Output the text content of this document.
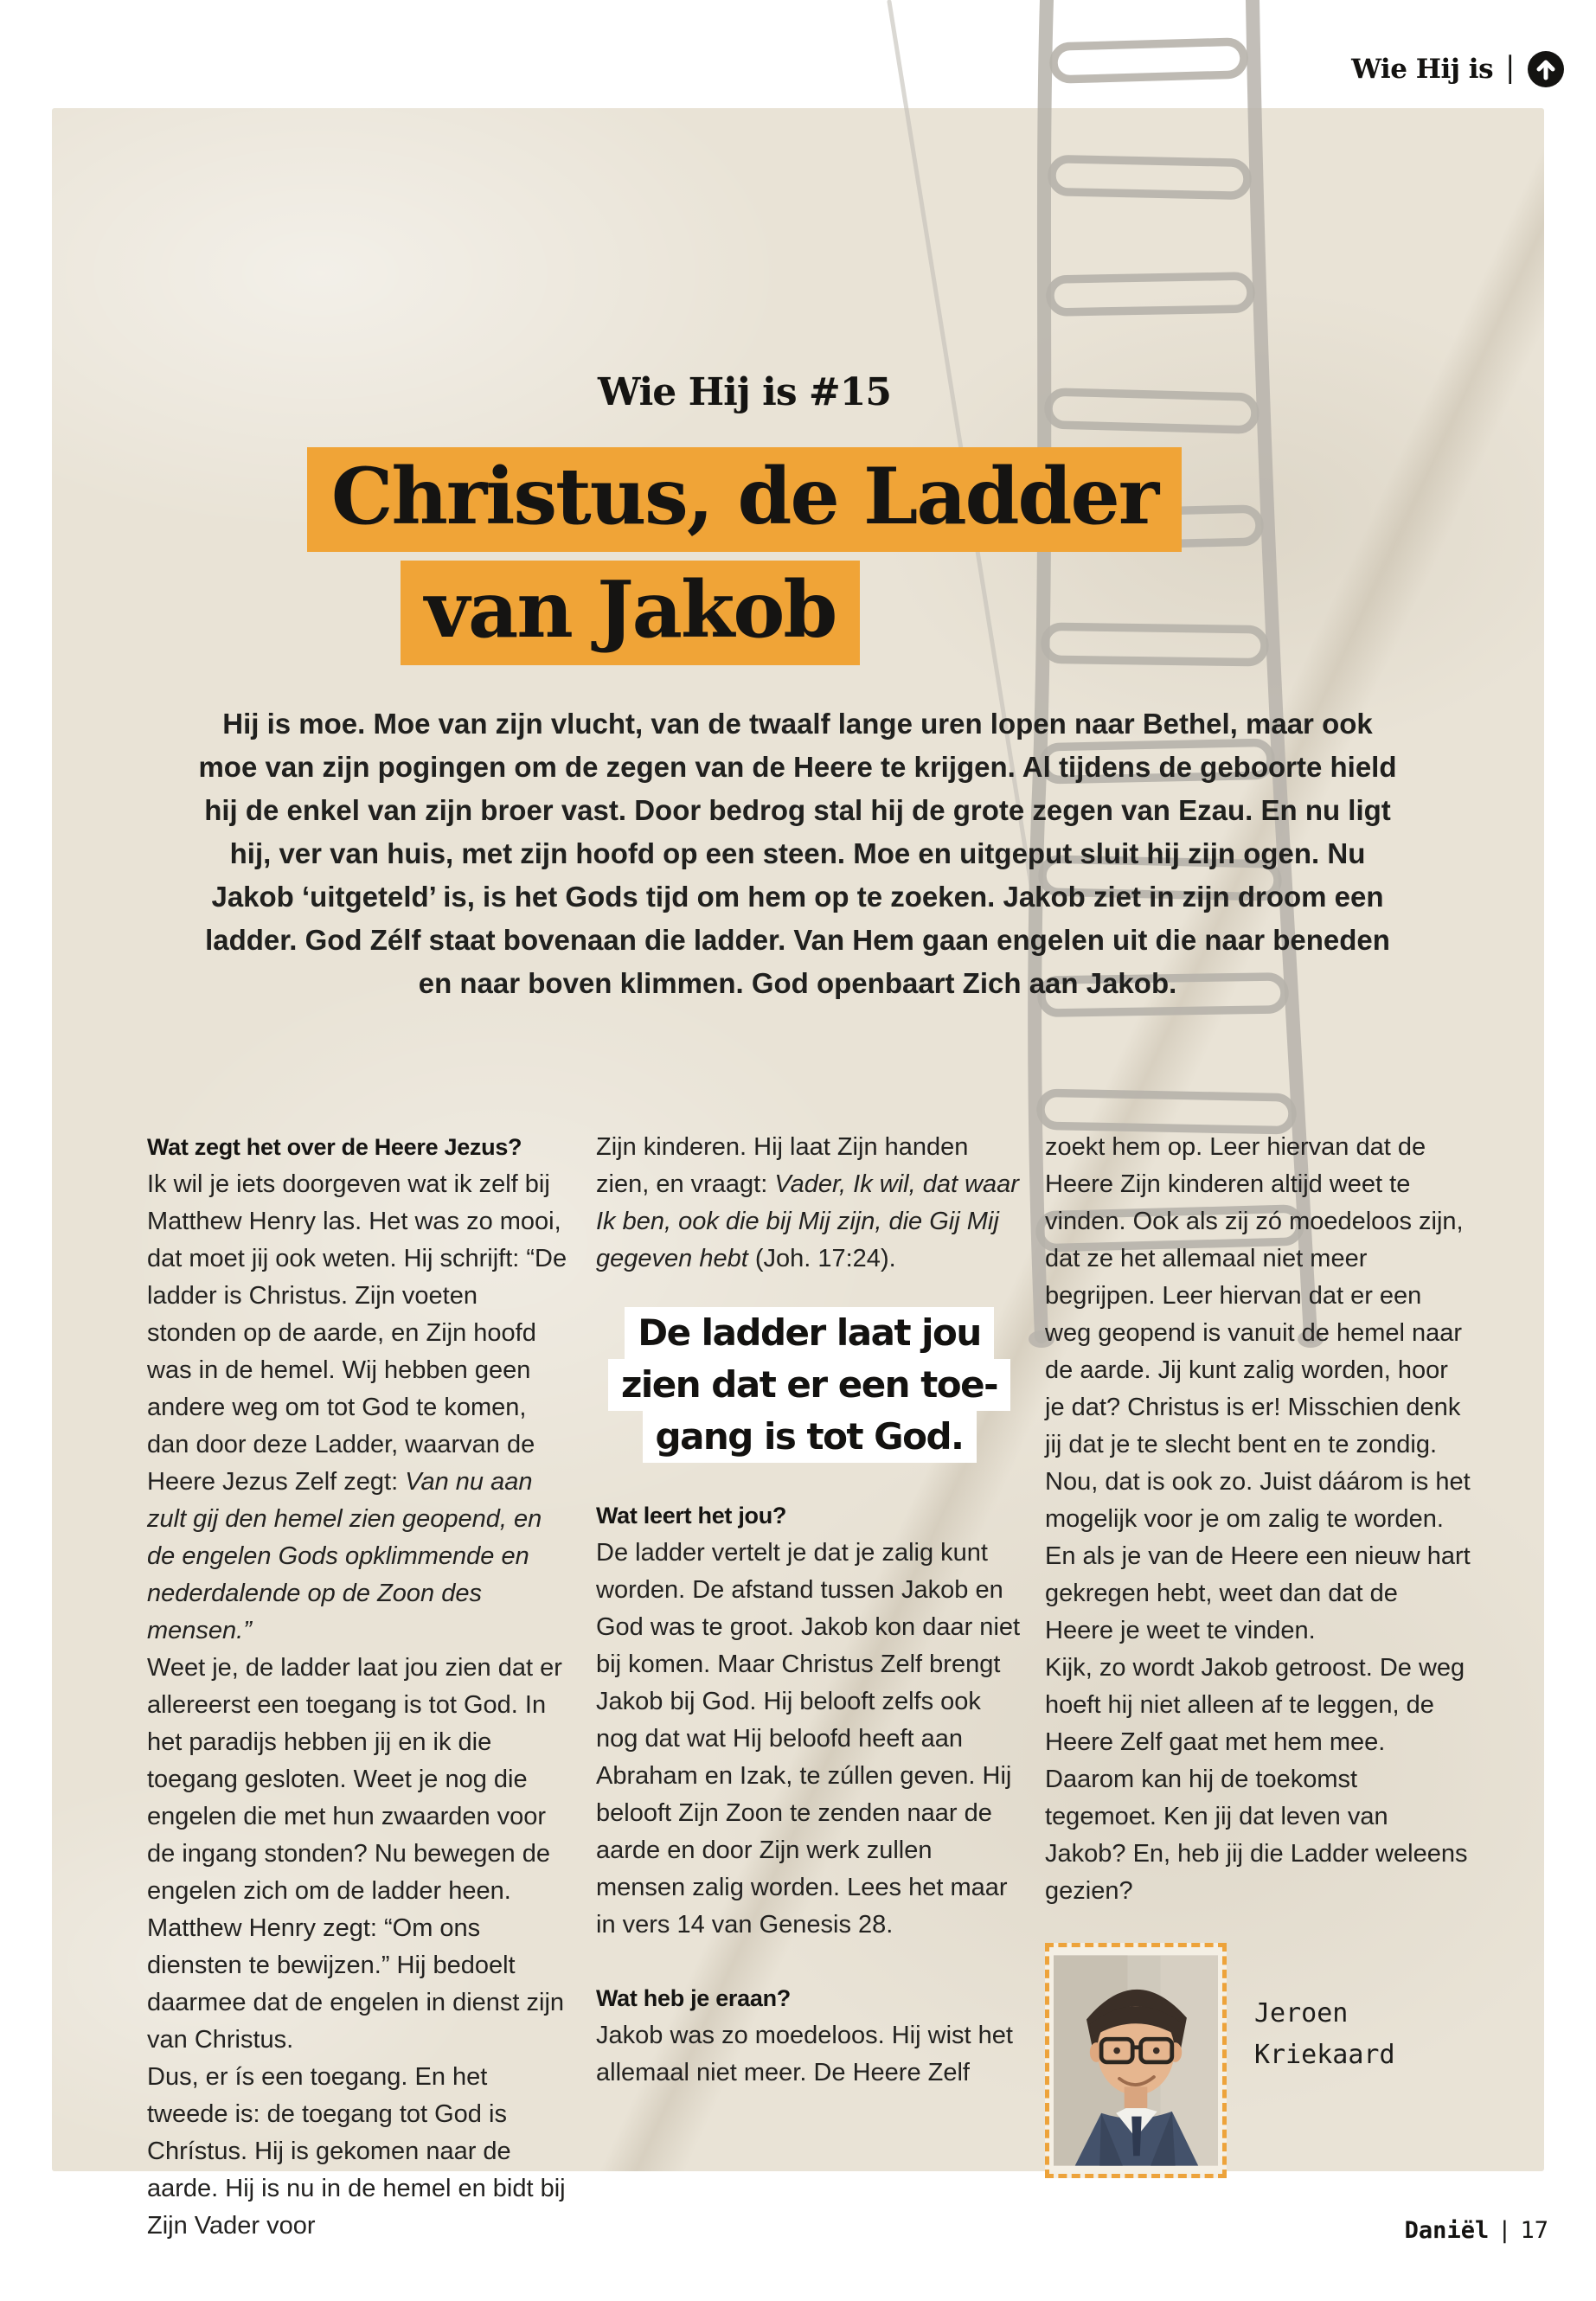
Wie Hij is |
Wie Hij is #15
Christus, de Ladder
van Jakob

Hij is moe. Moe van zijn vlucht, van de twaalf lange uren lopen naar Bethel, maar ook moe van zijn pogingen om de zegen van de Heere te krijgen. Al tijdens de geboorte hield hij de enkel van zijn broer vast. Door bedrog stal hij de grote zegen van Ezau. En nu ligt hij, ver van huis, met zijn hoofd op een steen. Moe en uitgeput sluit hij zijn ogen. Nu Jakob ‘uitgeteld’ is, is het Gods tijd om hem op te zoeken. Jakob ziet in zijn droom een ladder. God Zélf staat bovenaan die ladder. Van Hem gaan engelen uit die naar beneden en naar boven klimmen. God openbaart Zich aan Jakob.

Wat zegt het over de Heere Jezus?

Ik wil je iets doorgeven wat ik zelf bij Matthew Henry las. Het was zo mooi, dat moet jij ook weten. Hij schrijft: “De ladder is Christus. Zijn voeten stonden op de aarde, en Zijn hoofd was in de hemel. Wij hebben geen andere weg om tot God te komen, dan door deze Ladder, waarvan de Heere Jezus Zelf zegt: Van nu aan zult gij den hemel zien geopend, en de engelen Gods opklimmende en nederdalende op de Zoon des mensen.”

Weet je, de ladder laat jou zien dat er allereerst een toegang is tot God. In het paradijs hebben jij en ik die toegang gesloten. Weet je nog die engelen die met hun zwaarden voor de ingang stonden? Nu bewegen de engelen zich om de ladder heen. Matthew Henry zegt: “Om ons diensten te bewijzen.” Hij bedoelt daarmee dat de engelen in dienst zijn van Christus.

Dus, er ís een toegang. En het tweede is: de toegang tot God is Chrístus. Hij is gekomen naar de aarde. Hij is nu in de hemel en bidt bij Zijn Vader voor

Zijn kinderen. Hij laat Zijn handen zien, en vraagt: Vader, Ik wil, dat waar Ik ben, ook die bij Mij zijn, die Gij Mij gegeven hebt (Joh. 17:24).

De ladder laat jou
zien dat er een toe-
gang is tot God.
Wat leert het jou?

De ladder vertelt je dat je zalig kunt worden. De afstand tussen Jakob en God was te groot. Jakob kon daar niet bij komen. Maar Christus Zelf brengt Jakob bij God. Hij belooft zelfs ook nog dat wat Hij beloofd heeft aan Abraham en Izak, te zúllen geven. Hij belooft Zijn Zoon te zenden naar de aarde en door Zijn werk zullen mensen zalig worden. Lees het maar in vers 14 van Genesis 28.

Wat heb je eraan?

Jakob was zo moedeloos. Hij wist het allemaal niet meer. De Heere Zelf

zoekt hem op. Leer hiervan dat de Heere Zijn kinderen altijd weet te vinden. Ook als zij zó moedeloos zijn, dat ze het allemaal niet meer begrijpen. Leer hiervan dat er een weg geopend is vanuit de hemel naar de aarde. Jij kunt zalig worden, hoor je dat? Christus is er! Misschien denk jij dat je te slecht bent en te zondig. Nou, dat is ook zo. Juist dáárom is het mogelijk voor je om zalig te worden. En als je van de Heere een nieuw hart gekregen hebt, weet dan dat de Heere je weet te vinden.

Kijk, zo wordt Jakob getroost. De weg hoeft hij niet alleen af te leggen, de Heere Zelf gaat met hem mee. Daarom kan hij de toekomst tegemoet. Ken jij dat leven van Jakob? En, heb jij die Ladder weleens gezien?

Jeroen
Kriekaard
Daniël | 17
